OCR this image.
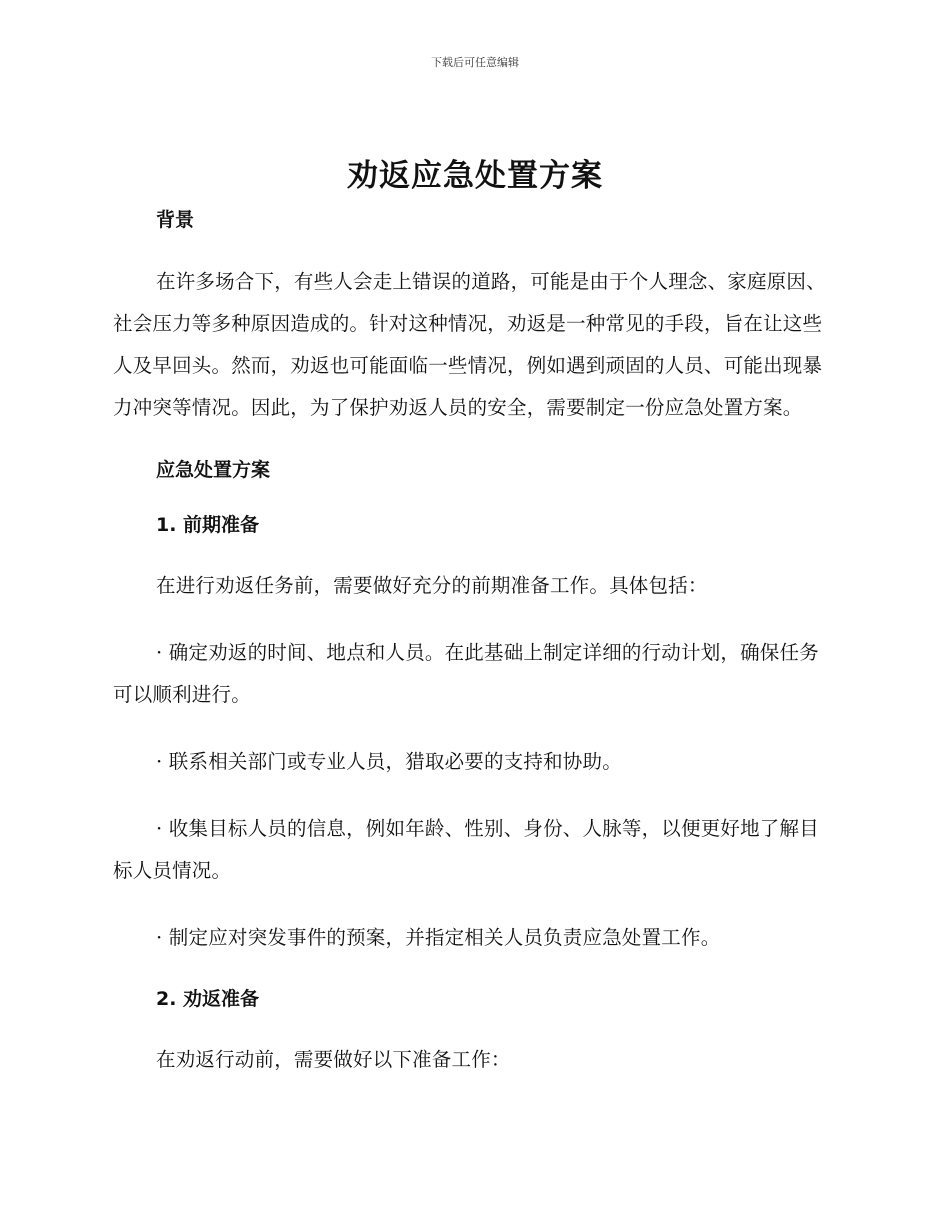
下载后可任意编辑
劝返应急处置方案

背景

在许多场合下，有些人会走上错误的道路，可能是由于个人理念、家庭原因、社会压力等多种原因造成的。针对这种情况，劝返是一种常见的手段，旨在让这些人及早回头。然而，劝返也可能面临一些情况，例如遇到顽固的人员、可能出现暴力冲突等情况。因此，为了保护劝返人员的安全，需要制定一份应急处置方案。

应急处置方案

1. 前期准备

在进行劝返任务前，需要做好充分的前期准备工作。具体包括：

· 确定劝返的时间、地点和人员。在此基础上制定详细的行动计划，确保任务可以顺利进行。

· 联系相关部门或专业人员，猎取必要的支持和协助。

· 收集目标人员的信息，例如年龄、性别、身份、人脉等，以便更好地了解目标人员情况。

· 制定应对突发事件的预案，并指定相关人员负责应急处置工作。

2. 劝返准备

在劝返行动前，需要做好以下准备工作：
